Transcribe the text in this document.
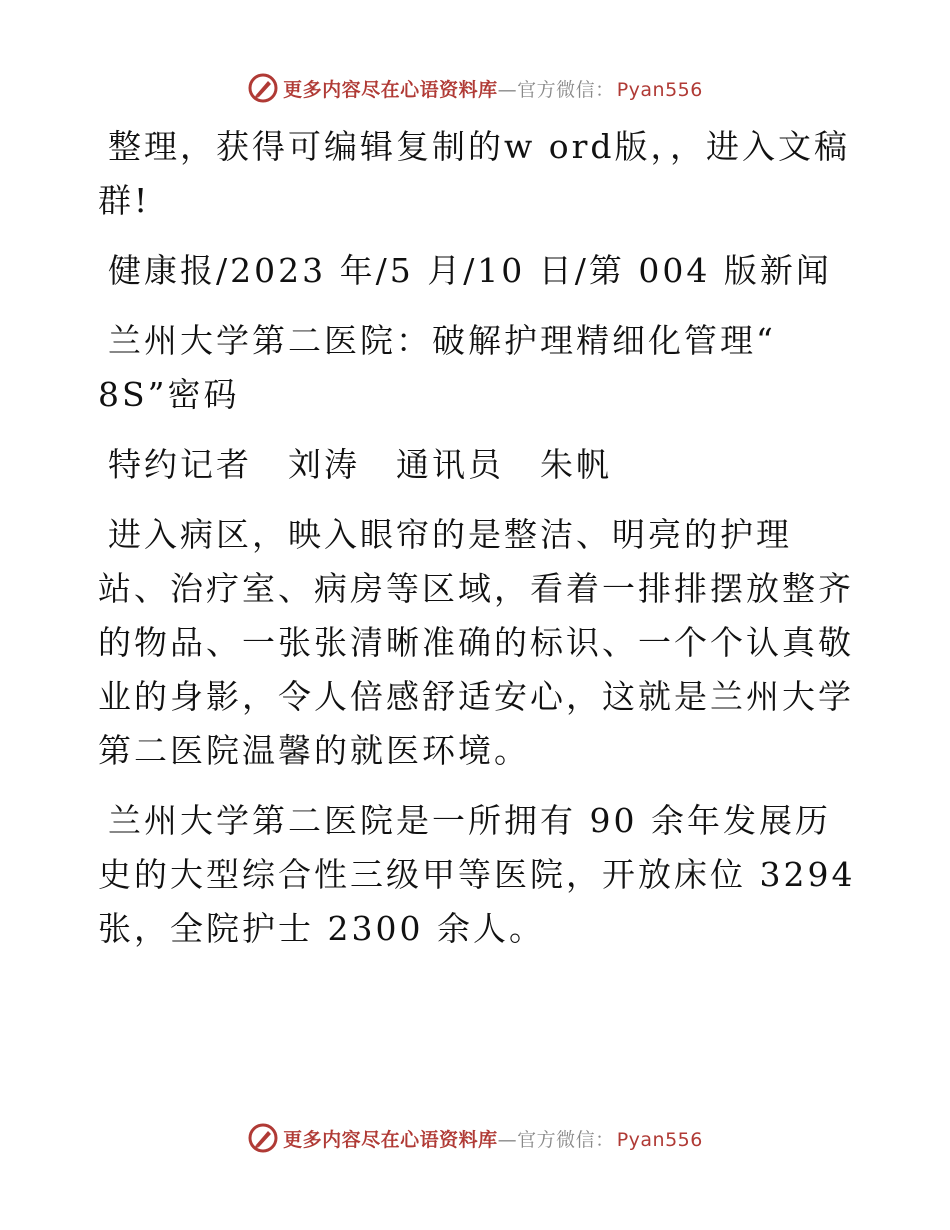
更多内容尽在心语资料库—官方微信： Pyan556

整理，获得可编辑复制的w ord版，，进入文稿群!

健康报/2023 年/5 月/10 日/第 004 版新闻

兰州大学第二医院：破解护理精细化管理“ 8S”密码

特约记者　刘涛　通讯员　朱帆

进入病区，映入眼帘的是整洁、明亮的护理站、治疗室、病房等区域，看着一排排摆放整齐的物品、一张张清晰准确的标识、一个个认真敬业的身影，令人倍感舒适安心，这就是兰州大学第二医院温馨的就医环境。

兰州大学第二医院是一所拥有 90 余年发展历史的大型综合性三级甲等医院，开放床位 3294 张，全院护士 2300 余人。

更多内容尽在心语资料库—官方微信： Pyan556
